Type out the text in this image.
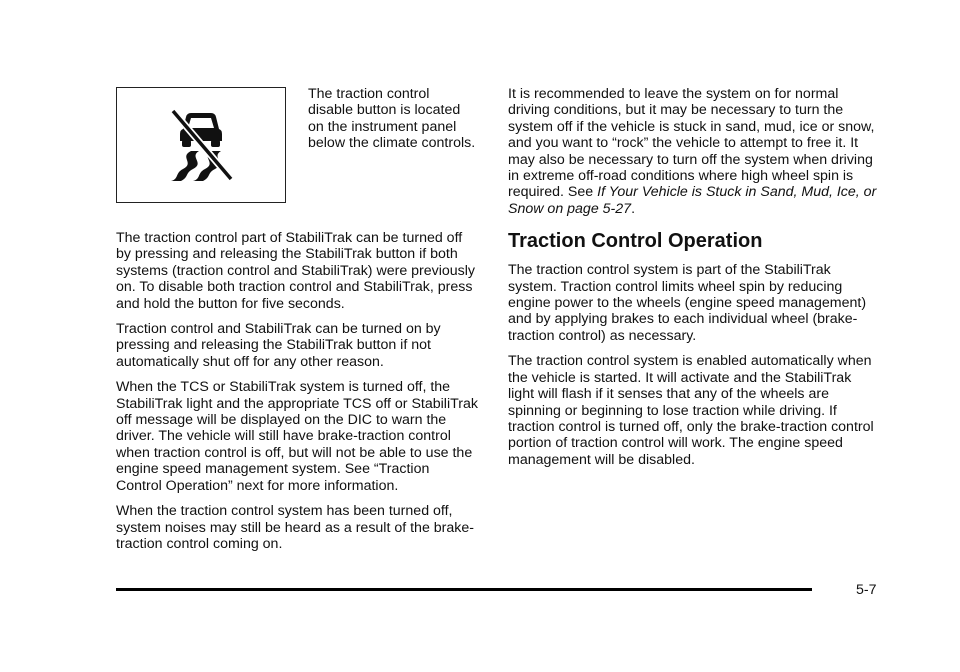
The traction control disable button is located on the instrument panel below the climate controls.

The traction control part of StabiliTrak can be turned off by pressing and releasing the StabiliTrak button if both systems (traction control and StabiliTrak) were previously on. To disable both traction control and StabiliTrak, press and hold the button for five seconds.

Traction control and StabiliTrak can be turned on by pressing and releasing the StabiliTrak button if not automatically shut off for any other reason.

When the TCS or StabiliTrak system is turned off, the StabiliTrak light and the appropriate TCS off or StabiliTrak off message will be displayed on the DIC to warn the driver. The vehicle will still have brake-traction control when traction control is off, but will not be able to use the engine speed management system. See “Traction Control Operation” next for more information.

When the traction control system has been turned off, system noises may still be heard as a result of the brake-traction control coming on.

It is recommended to leave the system on for normal driving conditions, but it may be necessary to turn the system off if the vehicle is stuck in sand, mud, ice or snow, and you want to “rock” the vehicle to attempt to free it. It may also be necessary to turn off the system when driving in extreme off-road conditions where high wheel spin is required. See If Your Vehicle is Stuck in Sand, Mud, Ice, or Snow on page 5‑27.

Traction Control Operation

The traction control system is part of the StabiliTrak system. Traction control limits wheel spin by reducing engine power to the wheels (engine speed management) and by applying brakes to each individual wheel (brake-traction control) as necessary.

The traction control system is enabled automatically when the vehicle is started. It will activate and the StabiliTrak light will flash if it senses that any of the wheels are spinning or beginning to lose traction while driving. If traction control is turned off, only the brake-traction control portion of traction control will work. The engine speed management will be disabled.

5-7
